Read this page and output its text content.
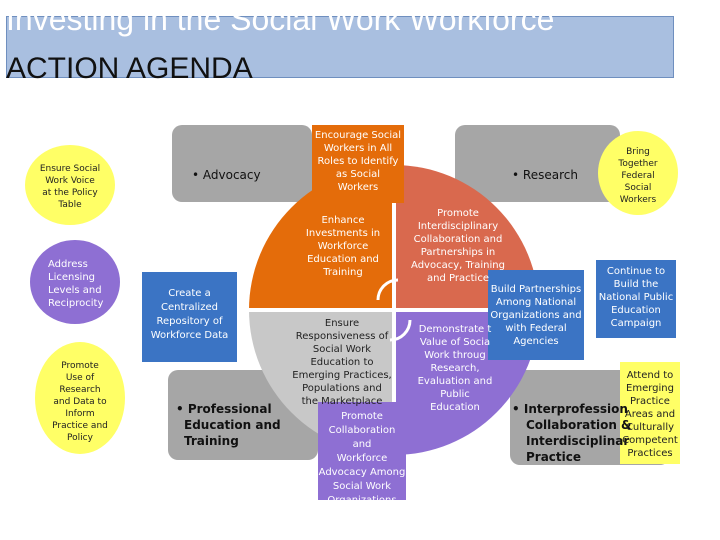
Investing in the Social Work Workforce
ACTION AGENDA
• Advocacy	• Research
• Professional
Education and
Training
• Interprofession
Collaboration &
Interdisciplinar
Practice
Ensure Social
Work Voice
at the Policy
Table
Address
Licensing
Levels and
Reciprocity
Promote
Use of
Research
and Data to
Inform
Practice and
Policy
Encourage Social
Workers in All
Roles to Identify
as Social
Workers
Enhance
Investments in
Workforce
Education and
Training
Promote
Interdisciplinary
Collaboration and
Partnerships in
Advocacy, Training
and Practice
Ensure
Responsiveness of
Social Work
Education to
Emerging Practices,
Populations and
the Marketplace
Demonstrate t
Value of Socia
Work throug
Research,
Evaluation and
Public Education
Promote
Collaboration and
Workforce
Advocacy Among
Social Work
Organizations
Create a
Centralized
Repository of
Workforce Data
Build Partnerships
Among National
Organizations and
with Federal
Agencies
Bring
Together
Federal
Social
Workers
Continue to
Build the
National Public
Education
Campaign
Attend to
Emerging
Practice
Areas and
Culturally
Competent
Practices
